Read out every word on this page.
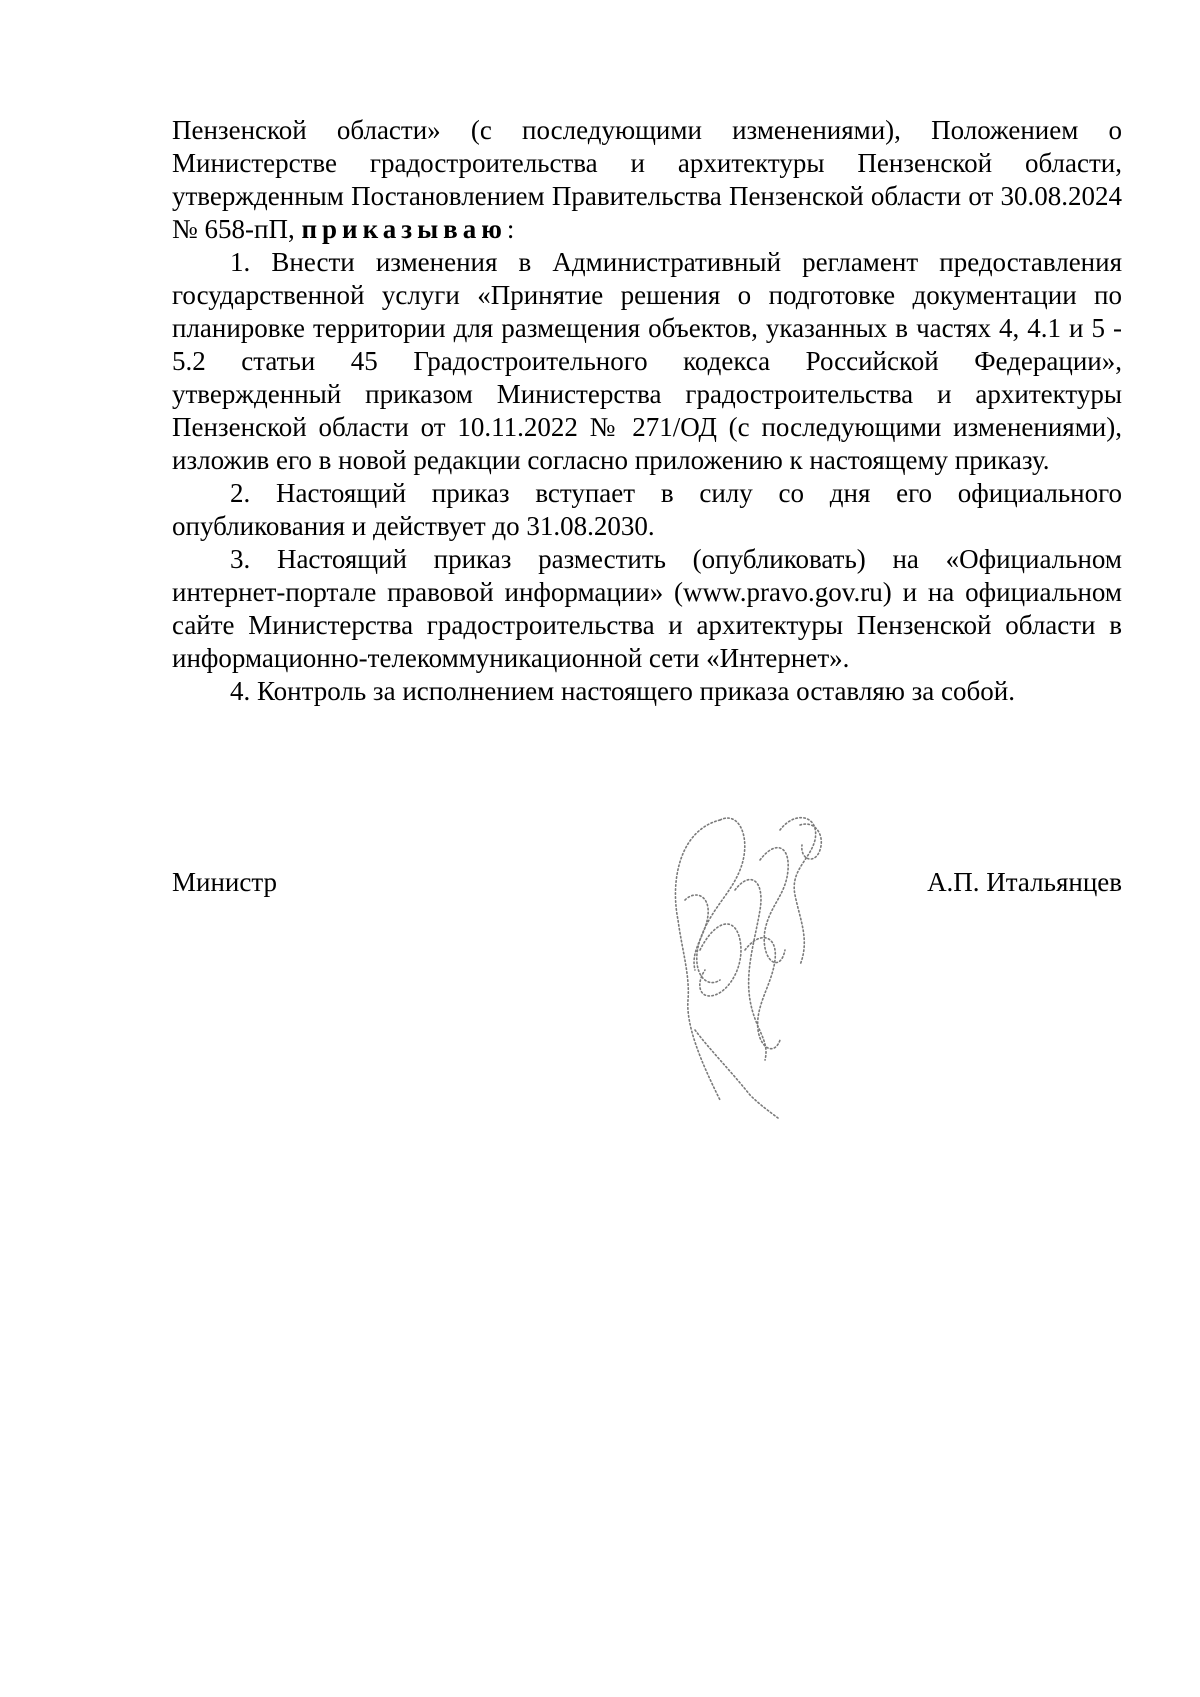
Пензенской области» (с последующими изменениями), Положением о Министерстве градостроительства и архитектуры Пензенской области, утвержденным Постановлением Правительства Пензенской области от 30.08.2024 № 658-пП, приказываю:

1. Внести изменения в Административный регламент предоставления государственной услуги «Принятие решения о подготовке документации по планировке территории для размещения объектов, указанных в частях 4, 4.1 и 5 - 5.2 статьи 45 Градостроительного кодекса Российской Федерации», утвержденный приказом Министерства градостроительства и архитектуры Пензенской области от 10.11.2022 № 271/ОД (с последующими изменениями), изложив его в новой редакции согласно приложению к настоящему приказу.

2. Настоящий приказ вступает в силу со дня его официального опубликования и действует до 31.08.2030.

3. Настоящий приказ разместить (опубликовать) на «Официальном интернет-портале правовой информации» (www.pravo.gov.ru) и на официальном сайте Министерства градостроительства и архитектуры Пензенской области в информационно-телекоммуникационной сети «Интернет».

4. Контроль за исполнением настоящего приказа оставляю за собой.

Министр	А.П. Итальянцев
